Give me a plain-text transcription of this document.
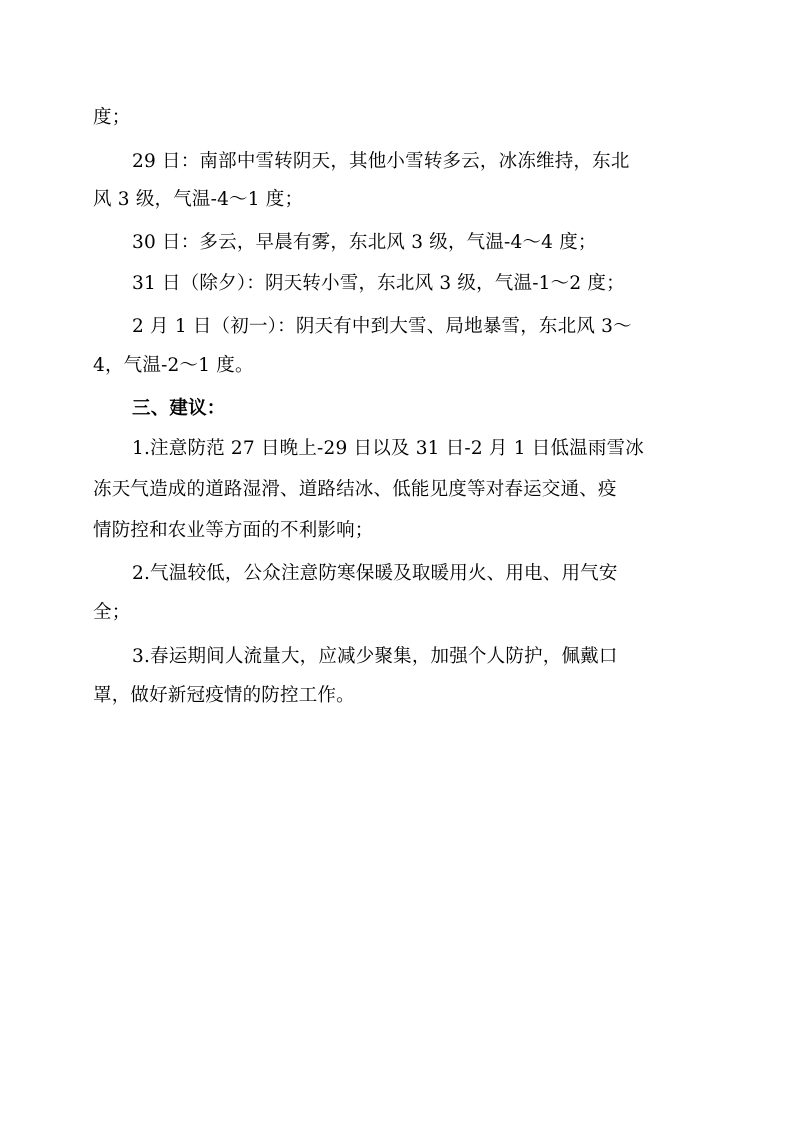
度；
29 日：南部中雪转阴天，其他小雪转多云，冰冻维持，东北
风 3 级，气温-4～1 度；
30 日：多云，早晨有雾，东北风 3 级，气温-4～4 度；
31 日（除夕）：阴天转小雪，东北风 3 级，气温-1～2 度；
2 月 1 日（初一）：阴天有中到大雪、局地暴雪，东北风 3～
4，气温-2～1 度。
三、建议：
1.注意防范 27 日晚上-29 日以及 31 日-2 月 1 日低温雨雪冰
冻天气造成的道路湿滑、道路结冰、低能见度等对春运交通、疫
情防控和农业等方面的不利影响；
2.气温较低，公众注意防寒保暖及取暖用火、用电、用气安
全；
3.春运期间人流量大，应减少聚集，加强个人防护，佩戴口
罩，做好新冠疫情的防控工作。
